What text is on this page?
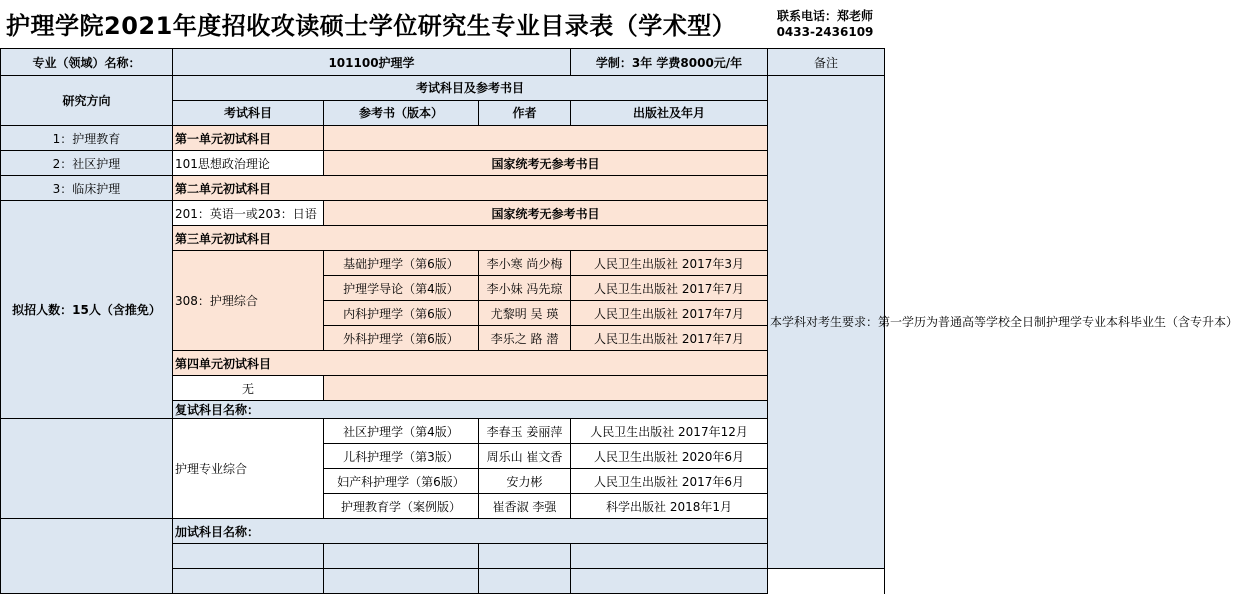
护理学院2021年度招收攻读硕士学位研究生专业目录表（学术型）	联系电话：郑老师
0433-2436109
专业（领域）名称：	101100护理学			学制：3年 学费8000元/年	备注	
研究方向	考试科目及参考书目				本学科对考生要求：第一学历为普通高等学校全日制护理学专业本科毕业生（含专升本）	
	考试科目	参考书（版本）	作者	出版社及年月		
1：护理教育	第一单元初试科目					
2：社区护理	101思想政治理论	国家统考无参考书目				
3：临床护理	第二单元初试科目					
拟招人数：15人（含推免）	201：英语一或203：日语	国家统考无参考书目				
	第三单元初试科目					
	308：护理综合	基础护理学（第6版）	李小寒 尚少梅	人民卫生出版社 2017年3月		
		护理学导论（第4版）	李小妹 冯先琼	人民卫生出版社 2017年7月		
		内科护理学（第6版）	尤黎明 吴 瑛	人民卫生出版社 2017年7月		
		外科护理学（第6版）	李乐之 路 潜	人民卫生出版社 2017年7月		
	第四单元初试科目					
	无					
	复试科目名称：					
	护理专业综合	社区护理学（第4版）	李春玉 姜丽萍	人民卫生出版社 2017年12月		
		儿科护理学（第3版）	周乐山 崔文香	人民卫生出版社 2020年6月		
		妇产科护理学（第6版）	安力彬	人民卫生出版社 2017年6月		
		护理教育学（案例版）	崔香淑 李强	科学出版社 2018年1月		
	加试科目名称：					
